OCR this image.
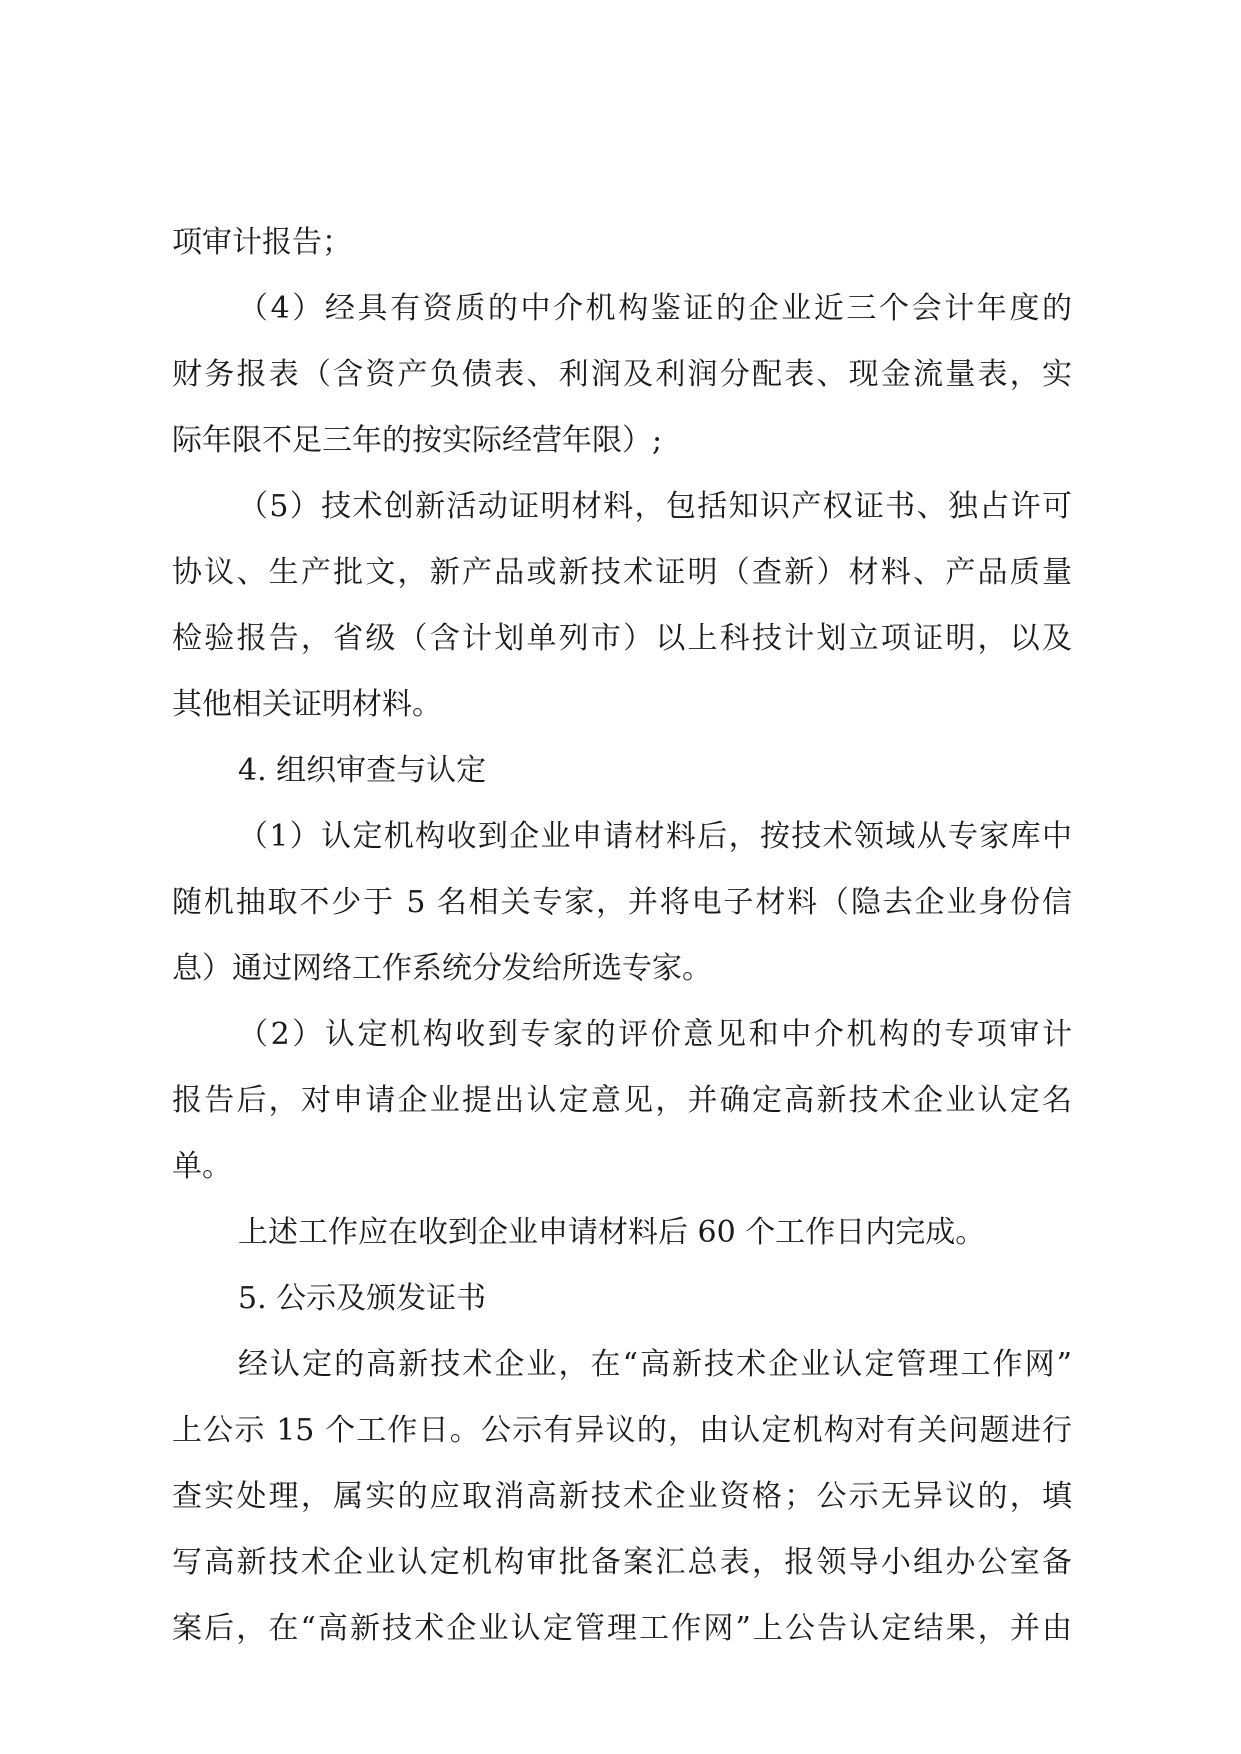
项审计报告；
（4）经具有资质的中介机构鉴证的企业近三个会计年度的
财务报表（含资产负债表、利润及利润分配表、现金流量表，实
际年限不足三年的按实际经营年限）;
（5）技术创新活动证明材料，包括知识产权证书、独占许可
协议、生产批文，新产品或新技术证明（查新）材料、产品质量
检验报告，省级（含计划单列市）以上科技计划立项证明，以及
其他相关证明材料。
4. 组织审查与认定
（1）认定机构收到企业申请材料后，按技术领域从专家库中
随机抽取不少于 5 名相关专家，并将电子材料（隐去企业身份信
息）通过网络工作系统分发给所选专家。
（2）认定机构收到专家的评价意见和中介机构的专项审计
报告后，对申请企业提出认定意见，并确定高新技术企业认定名
单。
上述工作应在收到企业申请材料后 60 个工作日内完成。
5. 公示及颁发证书
经认定的高新技术企业，在“高新技术企业认定管理工作网”
上公示 15 个工作日。公示有异议的，由认定机构对有关问题进行
查实处理，属实的应取消高新技术企业资格；公示无异议的，填
写高新技术企业认定机构审批备案汇总表，报领导小组办公室备
案后，在“高新技术企业认定管理工作网”上公告认定结果，并由
